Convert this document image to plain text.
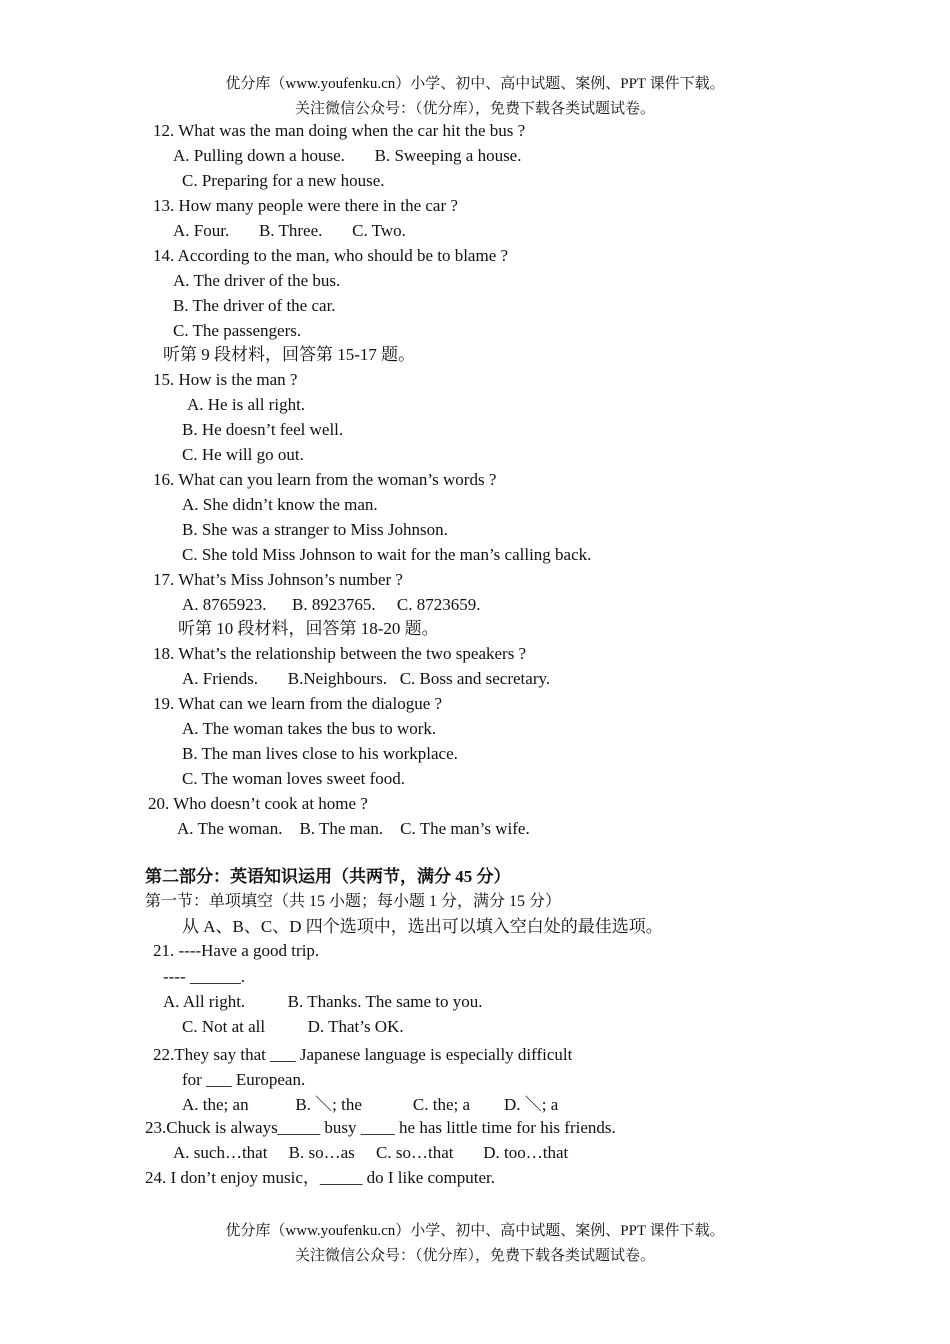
优分库（www.youfenku.cn）小学、初中、高中试题、案例、PPT 课件下载。
关注微信公众号：（优分库），免费下载各类试题试卷。
12. What was the man doing when the car hit the bus ?
A. Pulling down a house.       B. Sweeping a house.
C. Preparing for a new house.
13. How many people were there in the car ?
A. Four.       B. Three.       C. Two.
14. According to the man, who should be to blame ?
A. The driver of the bus.
B. The driver of the car.
C. The passengers.
听第 9 段材料，回答第 15-17 题。
15. How is the man ?
A. He is all right.
B. He doesn’t feel well.
C. He will go out.
16. What can you learn from the woman’s words ?
A. She didn’t know the man.
B. She was a stranger to Miss Johnson.
C. She told Miss Johnson to wait for the man’s calling back.
17. What’s Miss Johnson’s number ?
A. 8765923.      B. 8923765.     C. 8723659.
听第 10 段材料，回答第 18-20 题。
18. What’s the relationship between the two speakers ?
A. Friends.       B.Neighbours.   C. Boss and secretary.
19. What can we learn from the dialogue ?
A. The woman takes the bus to work.
B. The man lives close to his workplace.
C. The woman loves sweet food.
20. Who doesn’t cook at home ?
A. The woman.    B. The man.    C. The man’s wife.
第二部分：英语知识运用（共两节，满分 45 分）
第一节：单项填空（共 15 小题；每小题 1 分，满分 15 分）
从 A、B、C、D 四个选项中，选出可以填入空白处的最佳选项。
21. ----Have a good trip.
---- ______.
A. All right.          B. Thanks. The same to you.
C. Not at all          D. That’s OK.
22.They say that ___ Japanese language is especially difficult
for ___ European.
A. the; an           B. ＼; the            C. the; a        D. ＼; a
23.Chuck is always_____ busy ____ he has little time for his friends.
A. such…that     B. so…as     C. so…that       D. too…that
24. I don’t enjoy music，_____ do I like computer.
优分库（www.youfenku.cn）小学、初中、高中试题、案例、PPT 课件下载。
关注微信公众号：（优分库），免费下载各类试题试卷。
